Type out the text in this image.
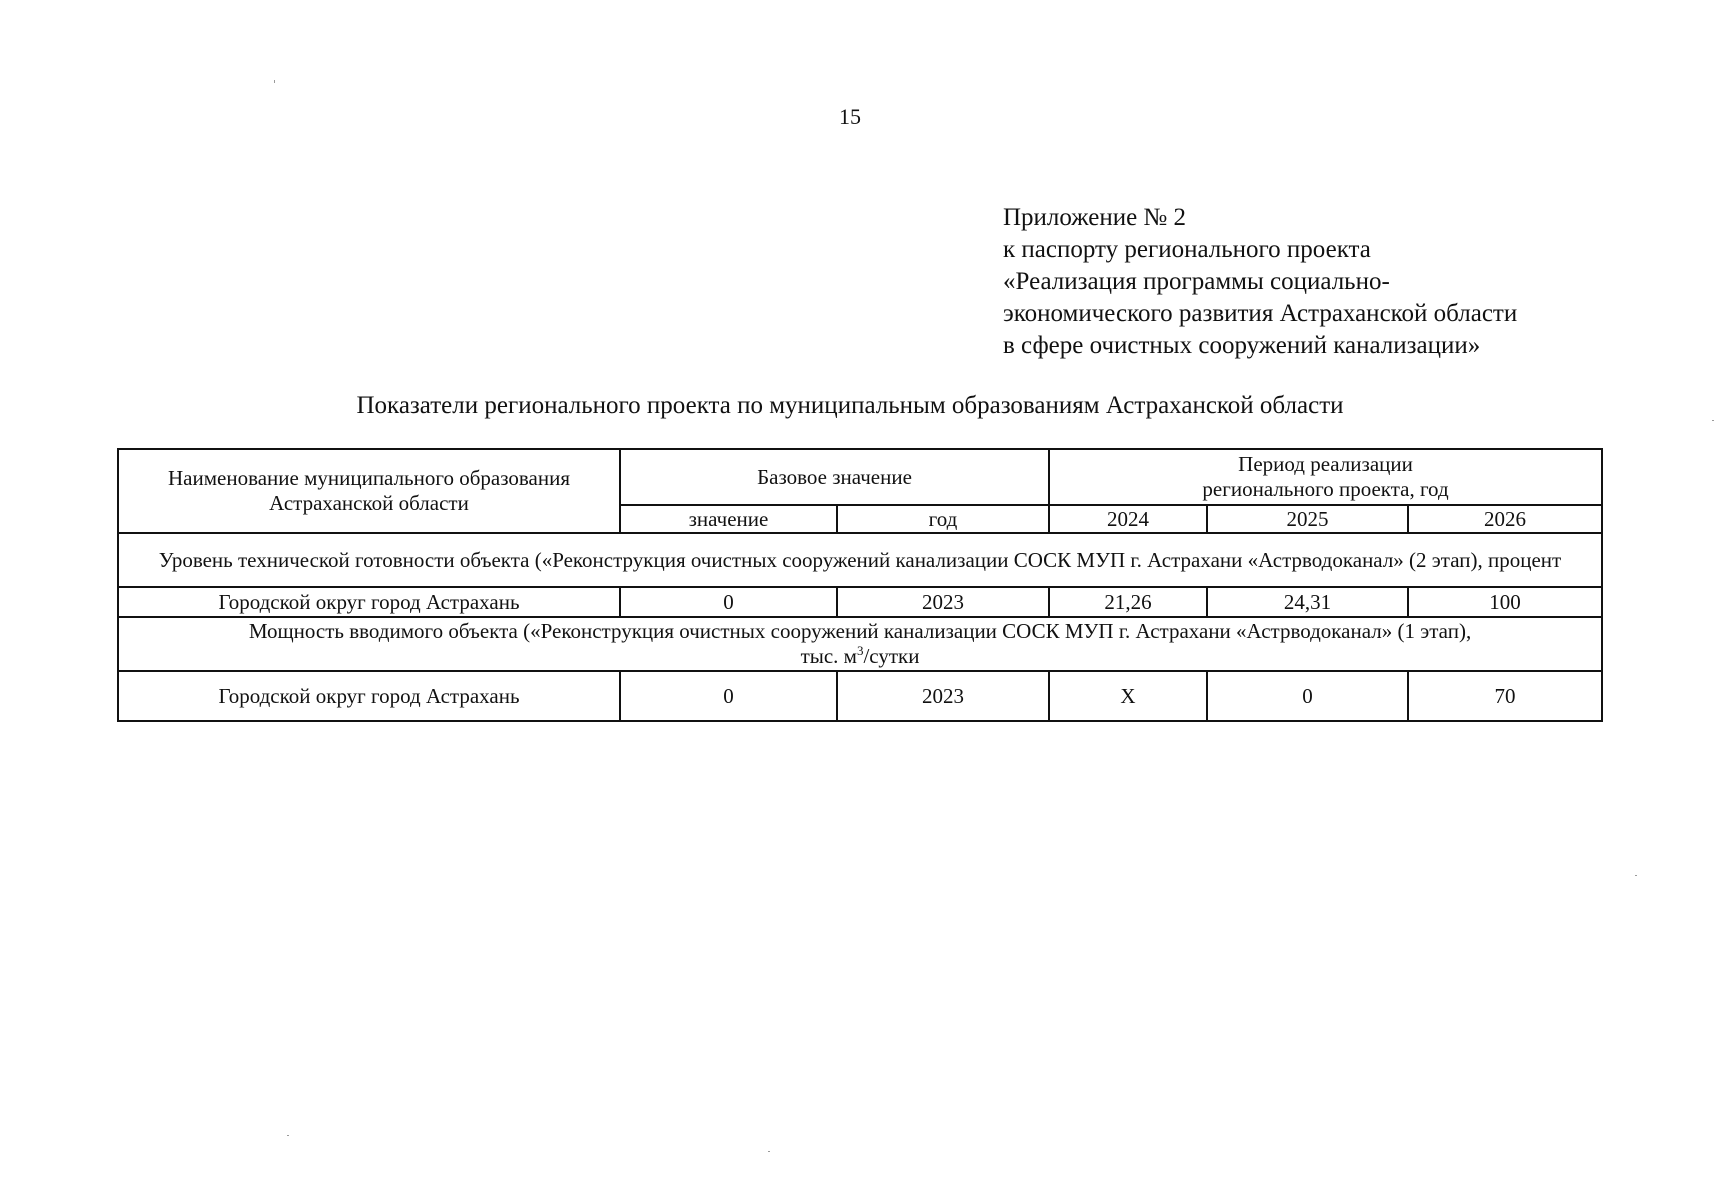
15
Приложение № 2
к паспорту регионального проекта
«Реализация программы социально-
экономического развития Астраханской области
в сфере очистных сооружений канализации»
Показатели регионального проекта по муниципальным образованиям Астраханской области
Наименование муниципального образования Астраханской области	Базовое значение		Период реализации
регионального проекта, год		

	значение	год	2024	2025	2026
Уровень технической готовности объекта («Реконструкция очистных сооружений канализации СОСК МУП г. Астрахани «Астрводоканал» (2 этап), процент					
Городской округ город Астрахань	0	2023	21,26	24,31	100

Мощность вводимого объекта («Реконструкция очистных сооружений канализации СОСК МУП г. Астрахани «Астрводоканал» (1 этап),
тыс. $м^3$/сутки					

Городской округ город Астрахань	0	2023	Х	0	70
